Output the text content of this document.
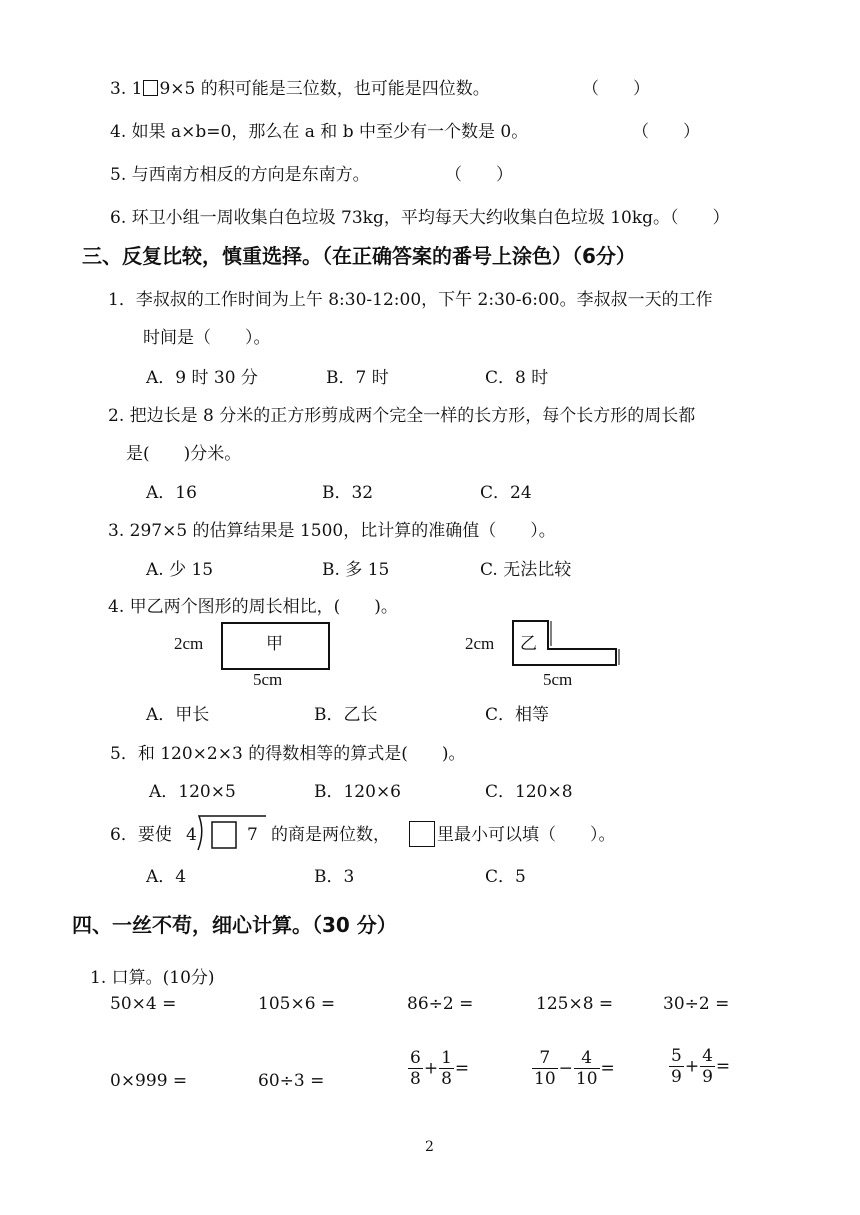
3. 1 9×5 的积可能是三位数，也可能是四位数。	（　　）
4. 如果 a×b=0，那么在 a 和 b 中至少有一个数是 0。	（　　）
5. 与西南方相反的方向是东南方。	（　　）
6. 环卫小组一周收集白色垃圾 73kg，平均每天大约收集白色垃圾 10kg。（　　）
三、反复比较，慎重选择。（在正确答案的番号上涂色）（6分）
1．李叔叔的工作时间为上午 8:30-12:00，下午 2:30-6:00。李叔叔一天的工作
时间是（　　）。
A．9 时 30 分	B．7 时	C．8 时
2. 把边长是 8 分米的正方形剪成两个完全一样的长方形，每个长方形的周长都
是(　　)分米。
A．16	B．32	C．24
3. 297×5 的估算结果是 1500，比计算的准确值（　　）。
A. 少 15	B. 多 15	C. 无法比较
4. 甲乙两个图形的周长相比，(　　)。
2cm	甲
5cm
2cm 乙
5cm
A．甲长	B．乙长	C．相等
5．和 120×2×3 的得数相等的算式是(　　)。
A．120×5	B．120×6	C．120×8
6．要使 4	7 的商是两位数，	里最小可以填（　　）。
A．4	B．3	C．5
四、一丝不苟，细心计算。（30 分）
1. 口算。(10分)
50×4 =	105×6 =	86÷2 =	125×8 =	30÷2 =
0×999 =	60÷3 =	$\frac{6}{8} + \frac{1}{8}$ =	$\frac{7}{10} - \frac{4}{10}$ =	$\frac{5}{9} + \frac{4}{9}$ =
2
